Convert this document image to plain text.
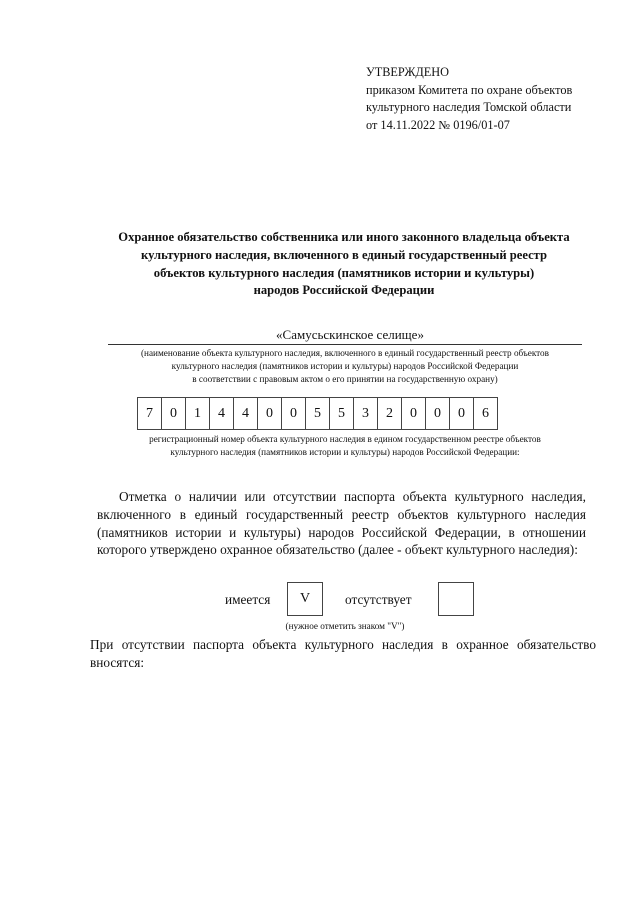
УТВЕРЖДЕНО
приказом Комитета по охране объектов
культурного наследия Томской области
от 14.11.2022 № 0196/01-07
Охранное обязательство собственника или иного законного владельца объекта
культурного наследия, включенного в единый государственный реестр
объектов культурного наследия (памятников истории и культуры)
народов Российской Федерации
«Самусьскинское селище»
(наименование объекта культурного наследия, включенного в единый государственный реестр объектов
культурного наследия (памятников истории и культуры) народов Российской Федерации
в соответствии с правовым актом о его принятии на государственную охрану)
7	0	1	4	4	0	0	5	5	3	2	0	0	0	6
регистрационный номер объекта культурного наследия в едином государственном реестре объектов
культурного наследия (памятников истории и культуры) народов Российской Федерации:
Отметка о наличии или отсутствии паспорта объекта культурного наследия, включенного в единый государственный реестр объектов культурного наследия (памятников истории и культуры) народов Российской Федерации, в отношении которого утверждено охранное обязательство (далее - объект культурного наследия):
имеется	V	отсутствует
(нужное отметить знаком "V")
При отсутствии паспорта объекта культурного наследия в охранное обязательство вносятся:
